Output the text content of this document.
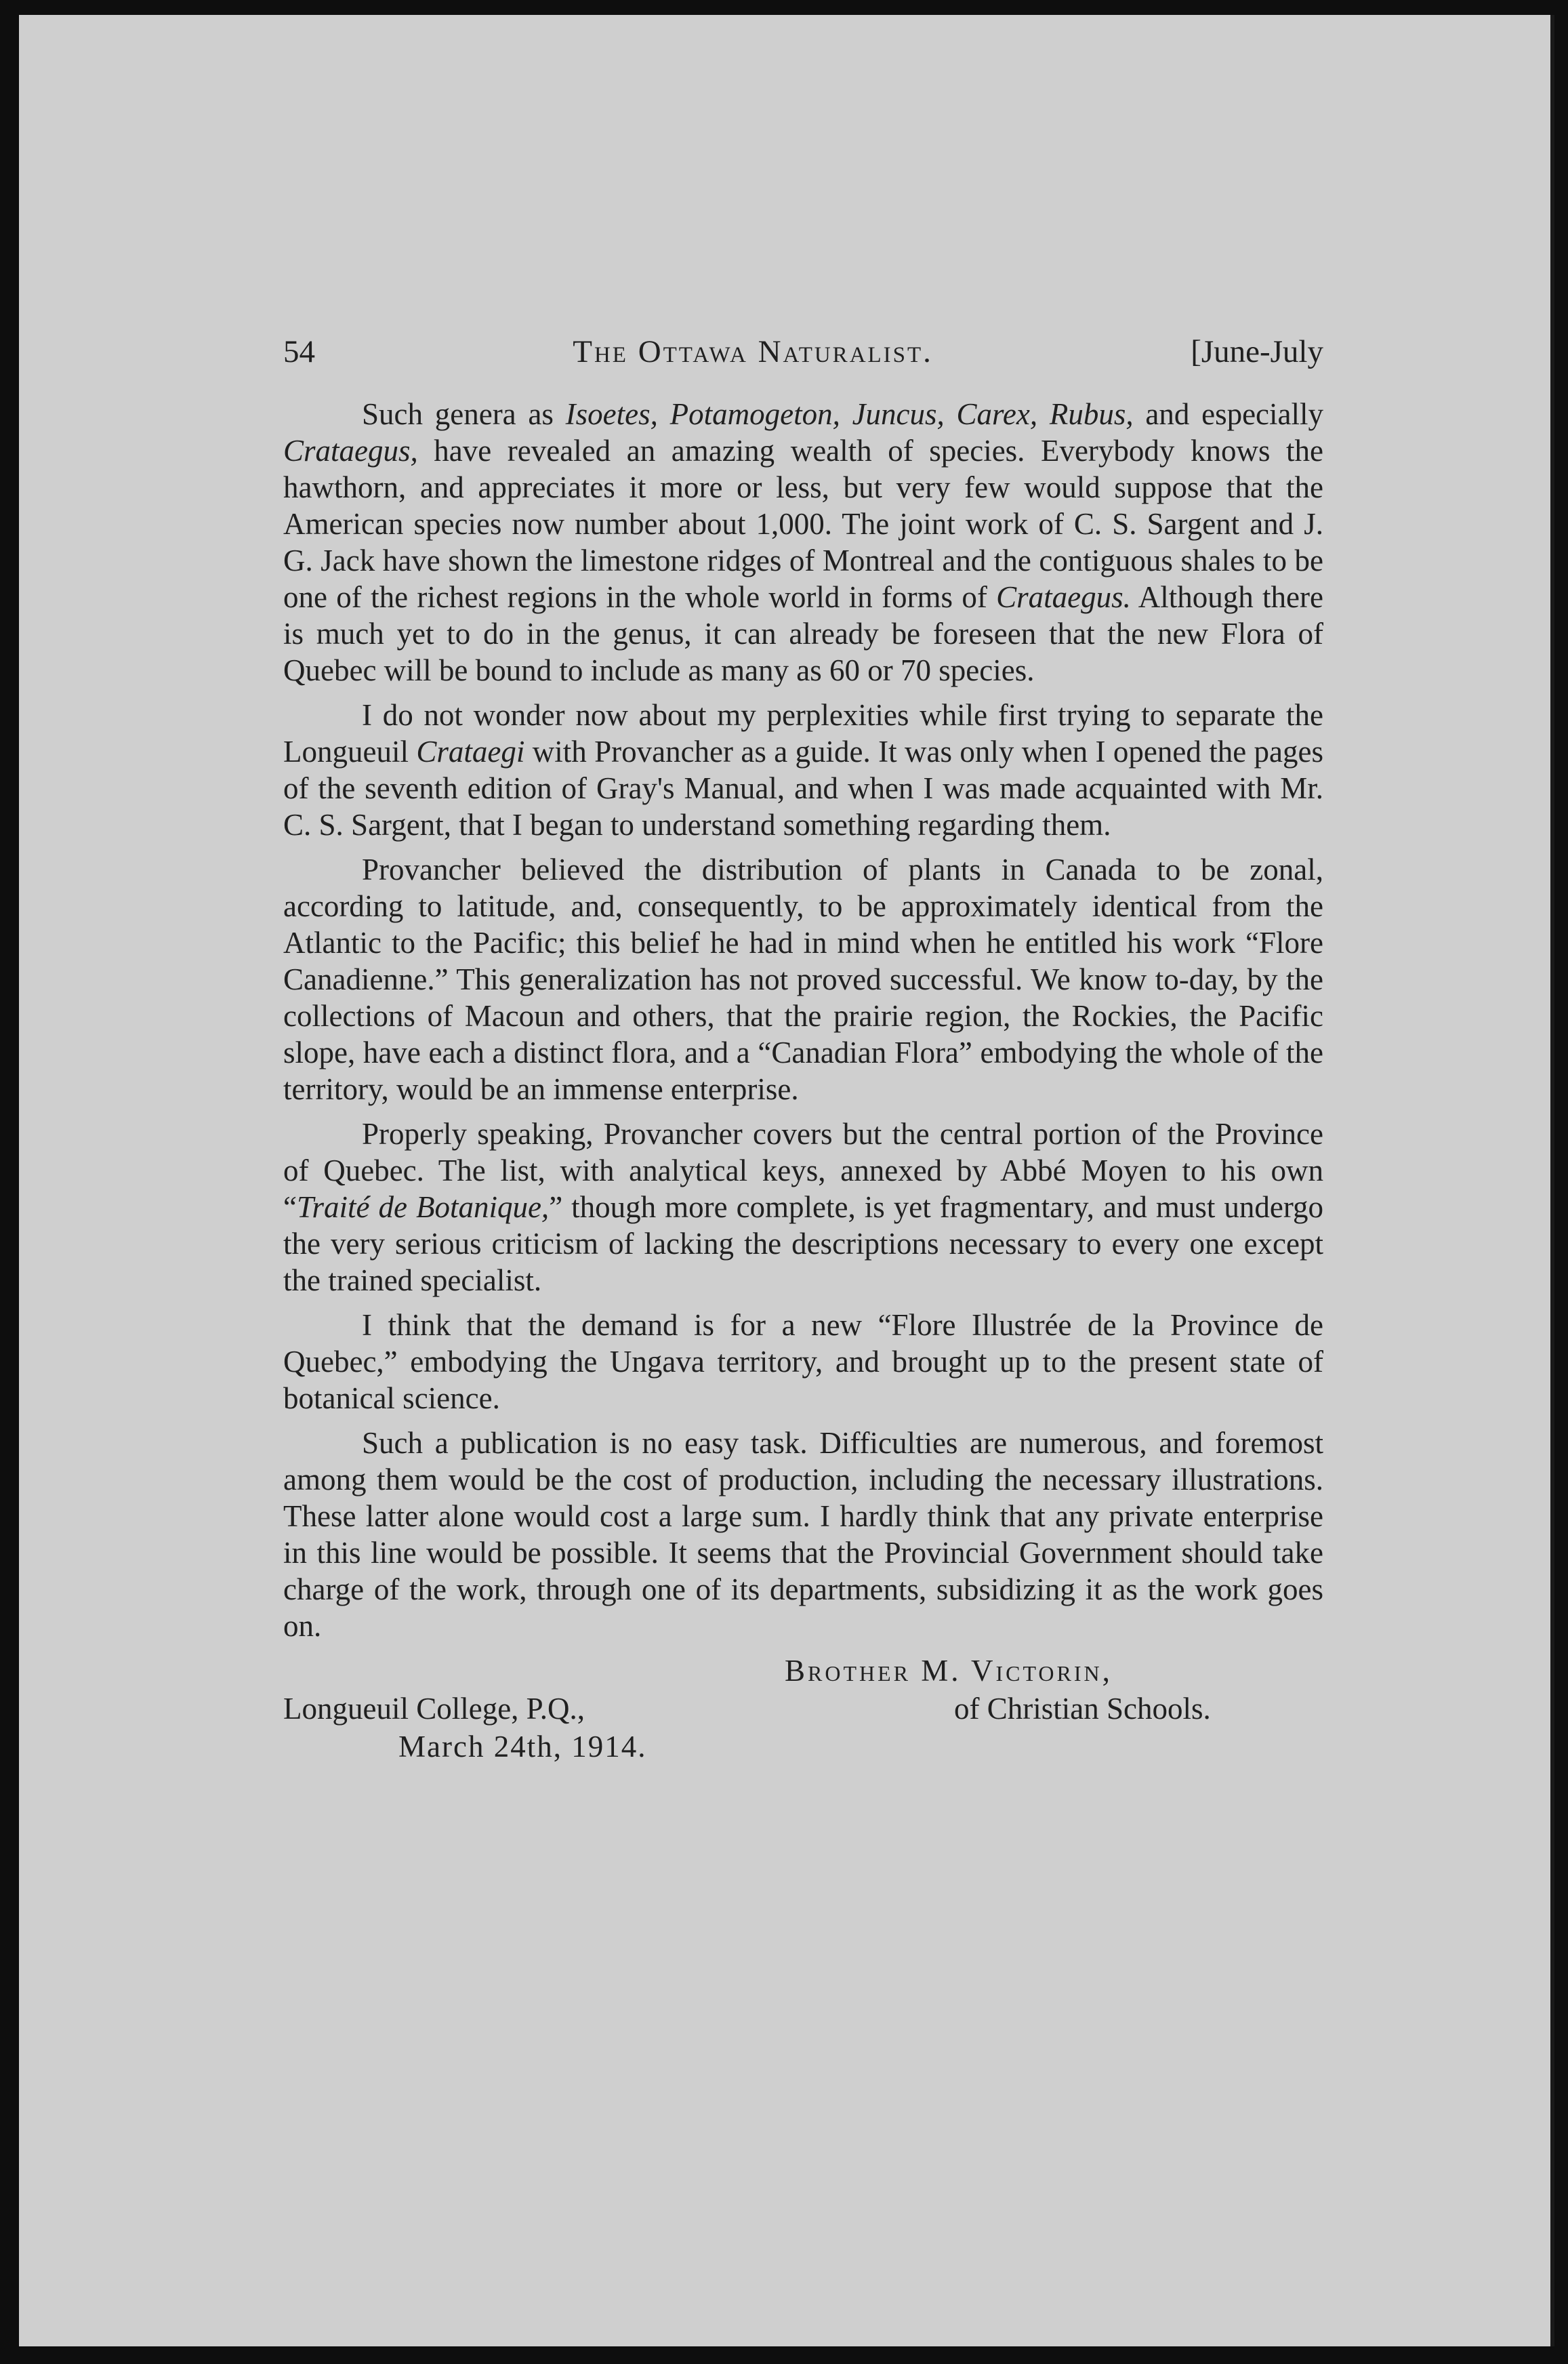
54	The Ottawa Naturalist.	[June-July

Such genera as Isoetes, Potamogeton, Juncus, Carex, Rubus, and especially Crataegus, have revealed an amazing wealth of species. Everybody knows the hawthorn, and appreciates it more or less, but very few would suppose that the American species now number about 1,000. The joint work of C. S. Sargent and J. G. Jack have shown the limestone ridges of Montreal and the contiguous shales to be one of the richest regions in the whole world in forms of Crataegus. Although there is much yet to do in the genus, it can already be foreseen that the new Flora of Quebec will be bound to include as many as 60 or 70 species.

I do not wonder now about my perplexities while first trying to separate the Longueuil Crataegi with Provancher as a guide. It was only when I opened the pages of the seventh edition of Gray's Manual, and when I was made acquainted with Mr. C. S. Sargent, that I began to understand something regarding them.

Provancher believed the distribution of plants in Canada to be zonal, according to latitude, and, consequently, to be approximately identical from the Atlantic to the Pacific; this belief he had in mind when he entitled his work “Flore Canadienne.” This generalization has not proved successful. We know to-day, by the collections of Macoun and others, that the prairie region, the Rockies, the Pacific slope, have each a distinct flora, and a “Canadian Flora” embodying the whole of the territory, would be an immense enterprise.

Properly speaking, Provancher covers but the central portion of the Province of Quebec. The list, with analytical keys, annexed by Abbé Moyen to his own “Traité de Botanique,” though more complete, is yet fragmentary, and must undergo the very serious criticism of lacking the descriptions necessary to every one except the trained specialist.

I think that the demand is for a new “Flore Illustrée de la Province de Quebec,” embodying the Ungava territory, and brought up to the present state of botanical science.

Such a publication is no easy task. Difficulties are numerous, and foremost among them would be the cost of production, including the necessary illustrations. These latter alone would cost a large sum. I hardly think that any private enterprise in this line would be possible. It seems that the Provincial Government should take charge of the work, through one of its departments, subsidizing it as the work goes on.

Brother M. Victorin,
Longueuil College, P.Q.,	of Christian Schools.
March 24th, 1914.
